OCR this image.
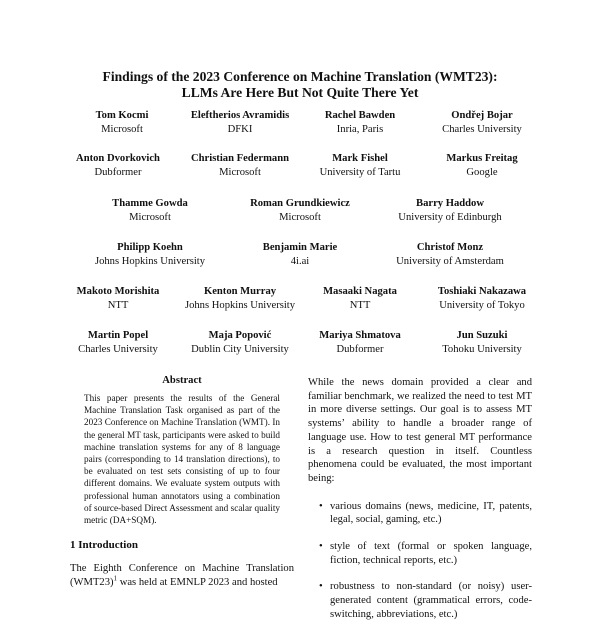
Findings of the 2023 Conference on Machine Translation (WMT23):
LLMs Are Here But Not Quite There Yet
Tom Kocmi
Microsoft
Eleftherios Avramidis
DFKI
Rachel Bawden
Inria, Paris
Ondřej Bojar
Charles University
Anton Dvorkovich
Dubformer
Christian Federmann
Microsoft
Mark Fishel
University of Tartu
Markus Freitag
Google
Thamme Gowda
Microsoft
Roman Grundkiewicz
Microsoft
Barry Haddow
University of Edinburgh
Philipp Koehn
Johns Hopkins University
Benjamin Marie
4i.ai
Christof Monz
University of Amsterdam
Makoto Morishita
NTT
Kenton Murray
Johns Hopkins University
Masaaki Nagata
NTT
Toshiaki Nakazawa
University of Tokyo
Martin Popel
Charles University
Maja Popović
Dublin City University
Mariya Shmatova
Dubformer
Jun Suzuki
Tohoku University
Abstract
This paper presents the results of the General Machine Translation Task organised as part of the 2023 Conference on Machine Translation (WMT). In the general MT task, participants were asked to build machine translation systems for any of 8 language pairs (corresponding to 14 translation directions), to be evaluated on test sets consisting of up to four different domains. We evaluate system outputs with professional human annotators using a combination of source-based Direct Assessment and scalar quality metric (DA+SQM).
1 Introduction
The Eighth Conference on Machine Translation $(WMT23)^1$ was held at EMNLP 2023 and hosted

While the news domain provided a clear and familiar benchmark, we realized the need to test MT in more diverse settings. Our goal is to assess MT systems’ ability to handle a broader range of language use. How to test general MT performance is a research question in itself. Countless phenomena could be evaluated, the most important being:

• various domains (news, medicine, IT, patents, legal, social, gaming, etc.)
• style of text (formal or spoken language, fiction, technical reports, etc.)
• robustness to non-standard (or noisy) user-generated content (grammatical errors, code-switching, abbreviations, etc.)
